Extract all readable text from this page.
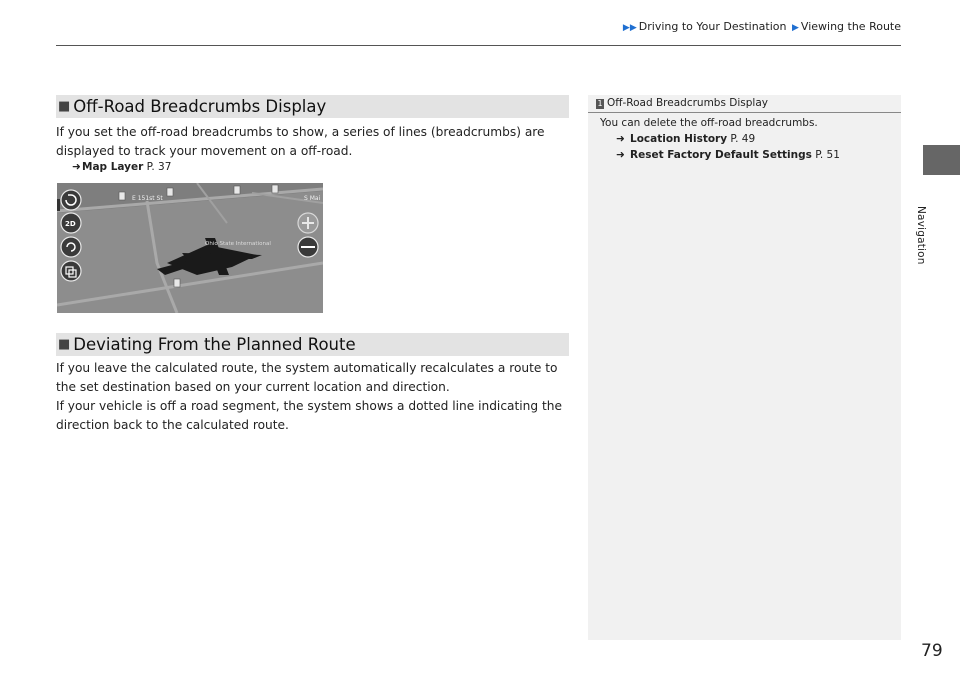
▶▶ Driving to Your Destination ▶ Viewing the Route
Navigation
■ Off-Road Breadcrumbs Display
If you set the off-road breadcrumbs to show, a series of lines (breadcrumbs) are displayed to track your movement on a off-road.
➜Map Layer P. 37
Ohio State International
E 151st St	S Mai
2D
■ Deviating From the Planned Route
If you leave the calculated route, the system automatically recalculates a route to the set destination based on your current location and direction.
If your vehicle is off a road segment, the system shows a dotted line indicating the direction back to the calculated route.
1 Off-Road Breadcrumbs Display
You can delete the off-road breadcrumbs.
➜ Location History P. 49
➜ Reset Factory Default Settings P. 51
79
